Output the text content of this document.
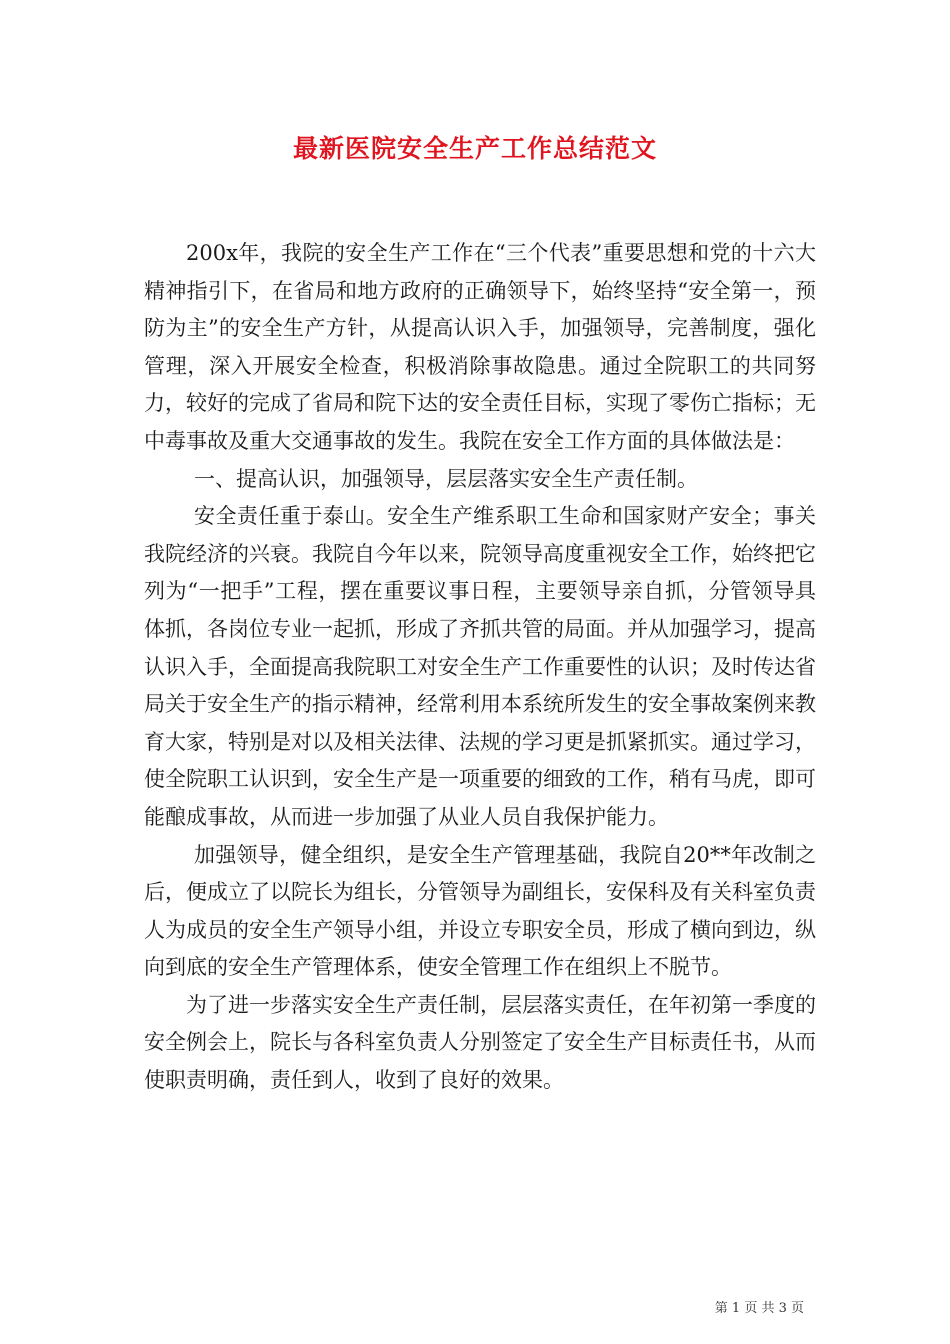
最新医院安全生产工作总结范文

200x年，我院的安全生产工作在“三个代表”重要思想和党的十六大精神指引下，在省局和地方政府的正确领导下，始终坚持“安全第一，预防为主”的安全生产方针，从提高认识入手，加强领导，完善制度，强化管理，深入开展安全检查，积极消除事故隐患。通过全院职工的共同努力，较好的完成了省局和院下达的安全责任目标，实现了零伤亡指标；无中毒事故及重大交通事故的发生。我院在安全工作方面的具体做法是：

一、提高认识，加强领导，层层落实安全生产责任制。

安全责任重于泰山。安全生产维系职工生命和国家财产安全；事关我院经济的兴衰。我院自今年以来，院领导高度重视安全工作，始终把它列为“一把手”工程，摆在重要议事日程，主要领导亲自抓，分管领导具体抓，各岗位专业一起抓，形成了齐抓共管的局面。并从加强学习，提高认识入手，全面提高我院职工对安全生产工作重要性的认识；及时传达省局关于安全生产的指示精神，经常利用本系统所发生的安全事故案例来教育大家，特别是对以及相关法律、法规的学习更是抓紧抓实。通过学习，使全院职工认识到，安全生产是一项重要的细致的工作，稍有马虎，即可能酿成事故，从而进一步加强了从业人员自我保护能力。

加强领导，健全组织，是安全生产管理基础，我院自20**年改制之后，便成立了以院长为组长，分管领导为副组长，安保科及有关科室负责人为成员的安全生产领导小组，并设立专职安全员，形成了横向到边，纵向到底的安全生产管理体系，使安全管理工作在组织上不脱节。

为了进一步落实安全生产责任制，层层落实责任，在年初第一季度的安全例会上，院长与各科室负责人分别签定了安全生产目标责任书，从而使职责明确，责任到人，收到了良好的效果。

第 1 页 共 3 页
